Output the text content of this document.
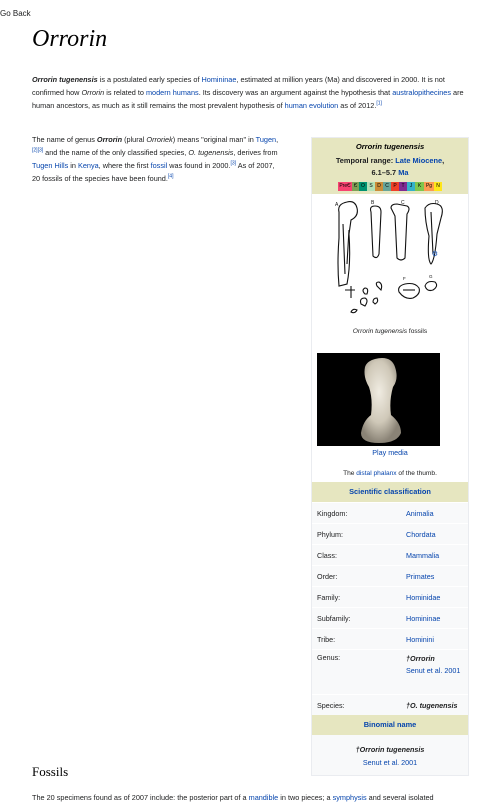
Go Back
Orrorin

Orrorin tugenensis is a postulated early species of Homininae, estimated at million years (Ma) and discovered in 2000. It is not confirmed how Orrorin is related to modern humans. Its discovery was an argument against the hypothesis that australopithecines are human ancestors, as much as it still remains the most prevalent hypothesis of human evolution as of 2012.[1]

The name of genus Orrorin (plural Orroriek) means "original man" in Tugen,[2][3] and the name of the only classified species, O. tugenensis, derives from Tugen Hills in Kenya, where the first fossil was found in 2000.[3] As of 2007, 20 fossils of the species have been found.[4]

Orrorin tugenensis
Temporal range: Late Miocene,
6.1–5.7 Ma
PreЄ Є O S D C P T	J	K Pg N
⚙
A	B	C	D
F	G
Orrorin tugenensis fossils
Play media
The distal phalanx of the thumb.
Scientific classification
Kingdom:	Animalia
Phylum:	Chordata
Class:	Mammalia
Order:	Primates
Family:	Hominidae
Subfamily:	Homininae
Tribe:	Hominini
Genus:	†Orrorin
Senut et al. 2001
Species:	†O. tugenensis
Binomial name
†Orrorin tugenensis
Senut et al. 2001
Fossils

The 20 specimens found as of 2007 include: the posterior part of a mandible in two pieces; a symphysis and several isolated
